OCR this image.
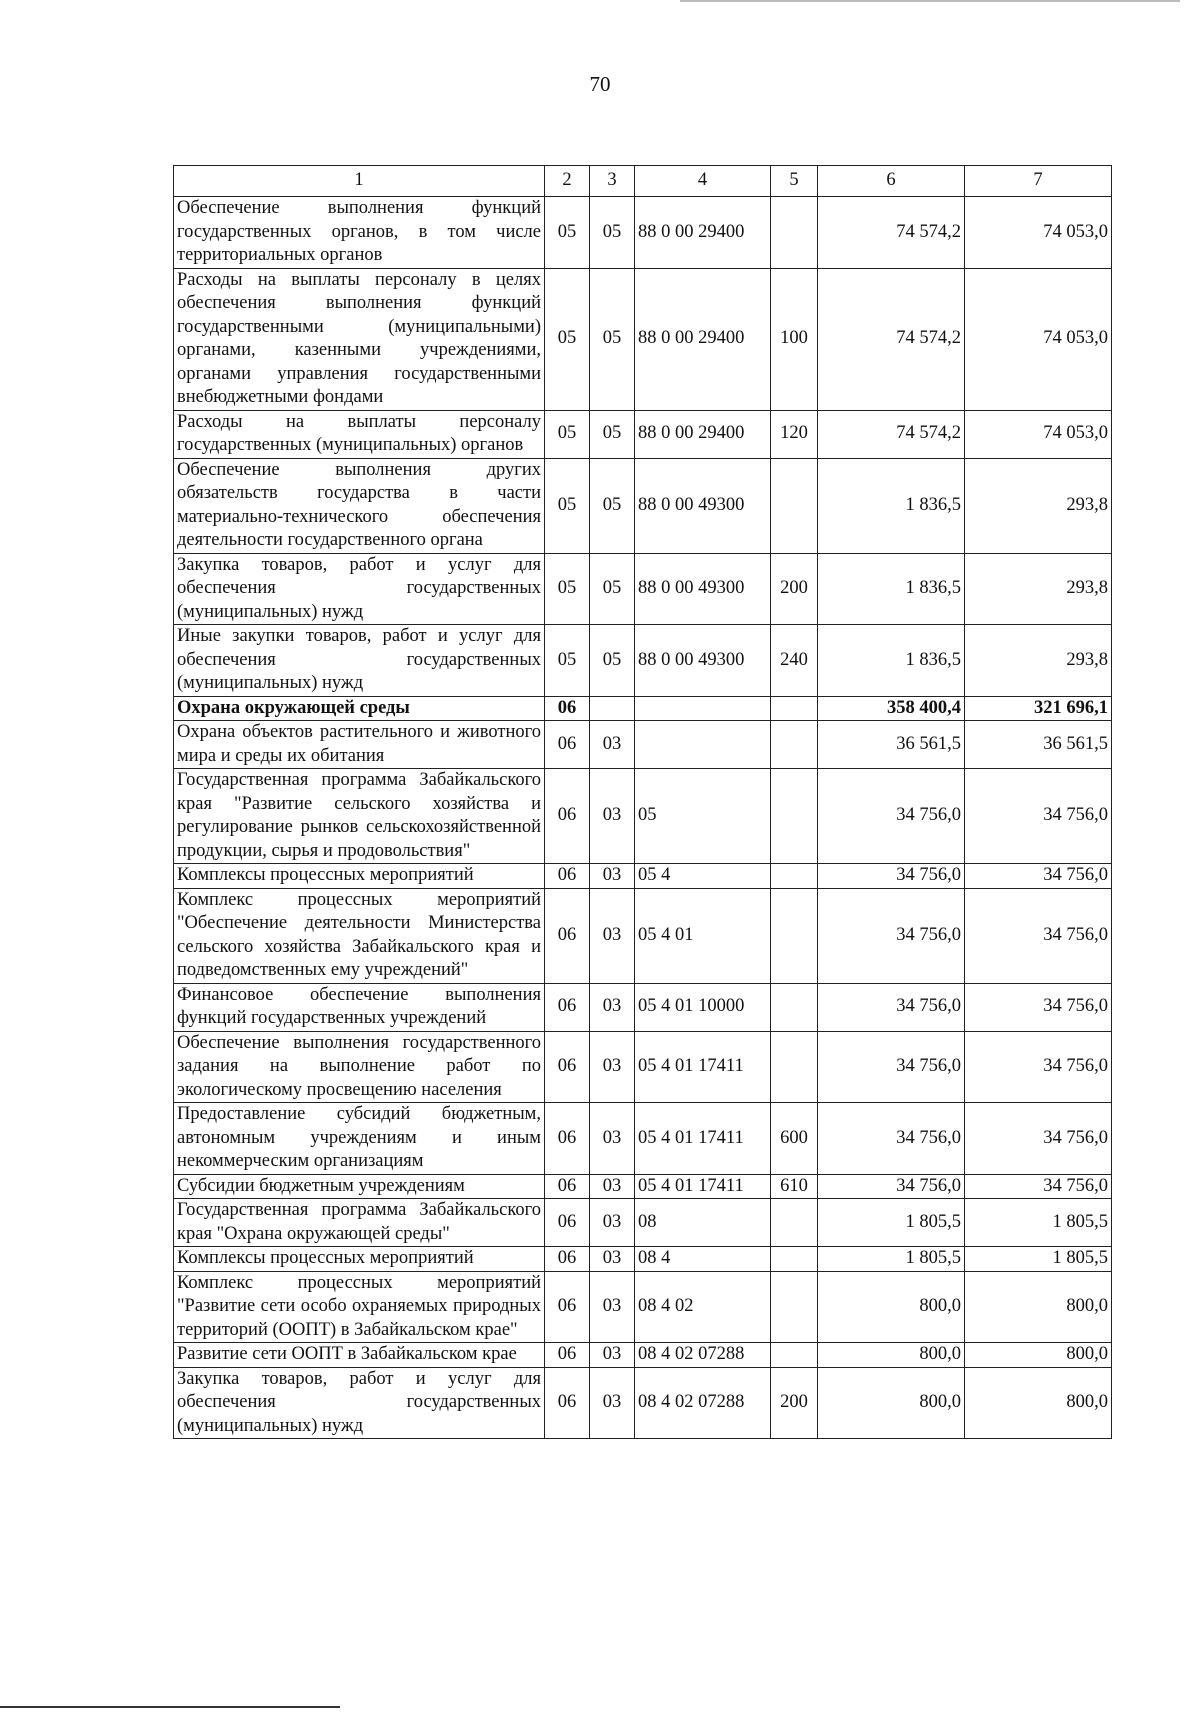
70
1	2	3	4	5	6	7
Обеспечение выполнения функций государственных органов, в том числе территориальных органов	05	05	88 0 00 29400		74 574,2	74 053,0
Расходы на выплаты персоналу в целях обеспечения выполнения функций государственными (муниципальными) органами, казенными учреждениями, органами управления государственными внебюджетными фондами	05	05	88 0 00 29400	100	74 574,2	74 053,0
Расходы на выплаты персоналу государственных (муниципальных) органов	05	05	88 0 00 29400	120	74 574,2	74 053,0
Обеспечение выполнения других обязательств государства в части материально-технического обеспечения деятельности государственного органа	05	05	88 0 00 49300		1 836,5	293,8
Закупка товаров, работ и услуг для обеспечения государственных (муниципальных) нужд	05	05	88 0 00 49300	200	1 836,5	293,8
Иные закупки товаров, работ и услуг для обеспечения государственных (муниципальных) нужд	05	05	88 0 00 49300	240	1 836,5	293,8
Охрана окружающей среды	06				358 400,4	321 696,1
Охрана объектов растительного и животного мира и среды их обитания	06	03			36 561,5	36 561,5
Государственная программа Забайкальского края "Развитие сельского хозяйства и регулирование рынков сельскохозяйственной продукции, сырья и продовольствия"	06	03	05		34 756,0	34 756,0
Комплексы процессных мероприятий	06	03	05 4		34 756,0	34 756,0
Комплекс процессных мероприятий "Обеспечение деятельности Министерства сельского хозяйства Забайкальского края и подведомственных ему учреждений"	06	03	05 4 01		34 756,0	34 756,0
Финансовое обеспечение выполнения функций государственных учреждений	06	03	05 4 01 10000		34 756,0	34 756,0
Обеспечение выполнения государственного задания на выполнение работ по экологическому просвещению населения	06	03	05 4 01 17411		34 756,0	34 756,0
Предоставление субсидий бюджетным, автономным учреждениям и иным некоммерческим организациям	06	03	05 4 01 17411	600	34 756,0	34 756,0
Субсидии бюджетным учреждениям	06	03	05 4 01 17411	610	34 756,0	34 756,0
Государственная программа Забайкальского края "Охрана окружающей среды"	06	03	08		1 805,5	1 805,5
Комплексы процессных мероприятий	06	03	08 4		1 805,5	1 805,5
Комплекс процессных мероприятий "Развитие сети особо охраняемых природных территорий (ООПТ) в Забайкальском крае"	06	03	08 4 02		800,0	800,0
Развитие сети ООПТ в Забайкальском крае	06	03	08 4 02 07288		800,0	800,0
Закупка товаров, работ и услуг для обеспечения государственных (муниципальных) нужд	06	03	08 4 02 07288	200	800,0	800,0
